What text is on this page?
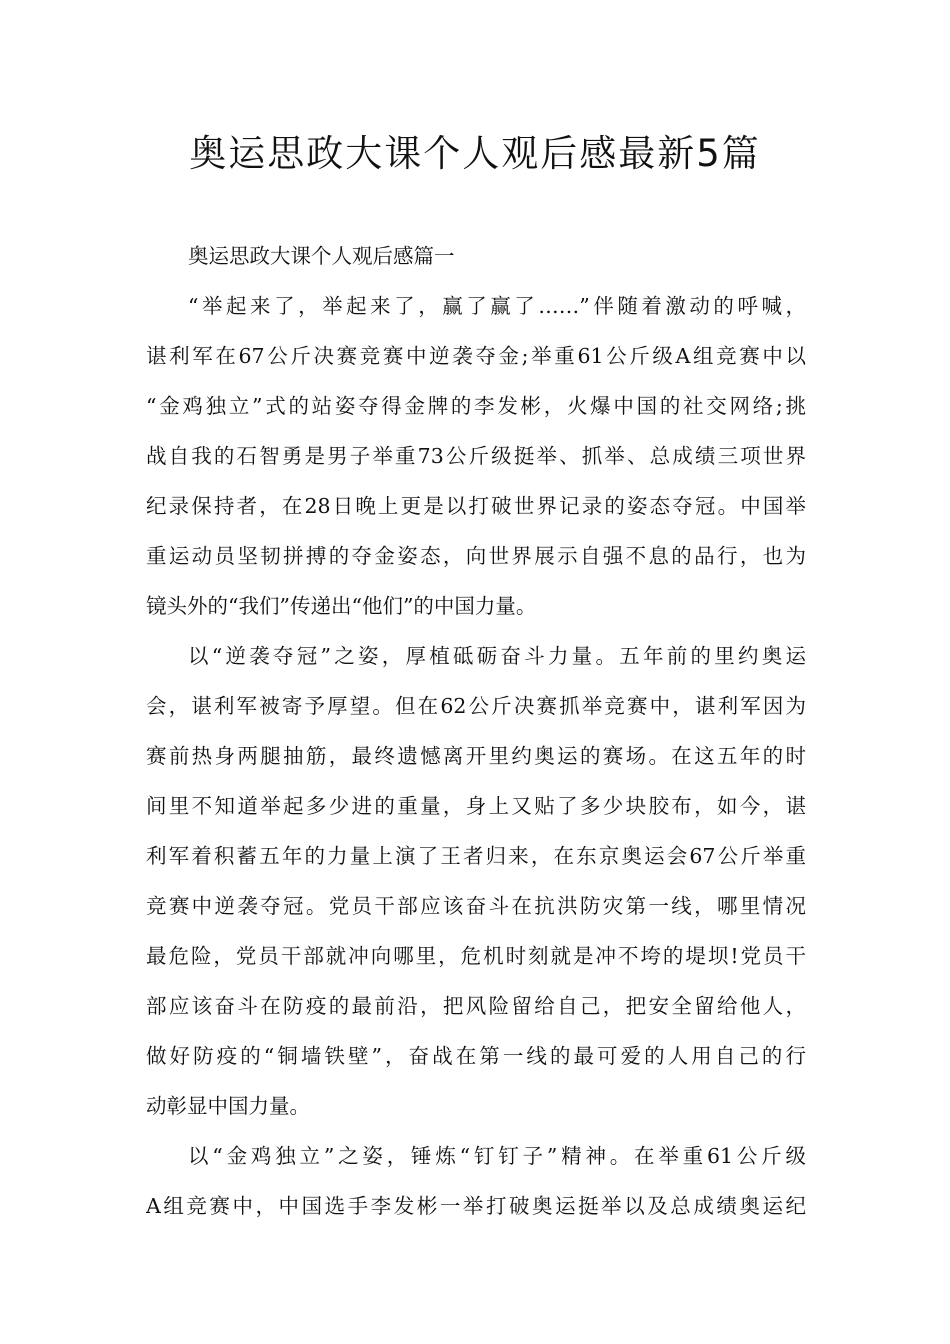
奥运思政大课个人观后感最新5篇
奥运思政大课个人观后感篇一
“举起来了，举起来了，赢了赢了……”伴随着激动的呼喊，
谌利军在67公斤决赛竞赛中逆袭夺金;举重61公斤级A组竞赛中以
“金鸡独立”式的站姿夺得金牌的李发彬，火爆中国的社交网络;挑
战自我的石智勇是男子举重73公斤级挺举、抓举、总成绩三项世界
纪录保持者，在28日晚上更是以打破世界记录的姿态夺冠。中国举
重运动员坚韧拼搏的夺金姿态，向世界展示自强不息的品行，也为
镜头外的“我们”传递出“他们”的中国力量。
以“逆袭夺冠”之姿，厚植砥砺奋斗力量。五年前的里约奥运
会，谌利军被寄予厚望。但在62公斤决赛抓举竞赛中，谌利军因为
赛前热身两腿抽筋，最终遗憾离开里约奥运的赛场。在这五年的时
间里不知道举起多少进的重量，身上又贴了多少块胶布，如今，谌
利军着积蓄五年的力量上演了王者归来，在东京奥运会67公斤举重
竞赛中逆袭夺冠。党员干部应该奋斗在抗洪防灾第一线，哪里情况
最危险，党员干部就冲向哪里，危机时刻就是冲不垮的堤坝!党员干
部应该奋斗在防疫的最前沿，把风险留给自己，把安全留给他人，
做好防疫的“铜墙铁壁”，奋战在第一线的最可爱的人用自己的行
动彰显中国力量。
以“金鸡独立”之姿，锤炼“钉钉子”精神。在举重61公斤级
A组竞赛中，中国选手李发彬一举打破奥运挺举以及总成绩奥运纪
